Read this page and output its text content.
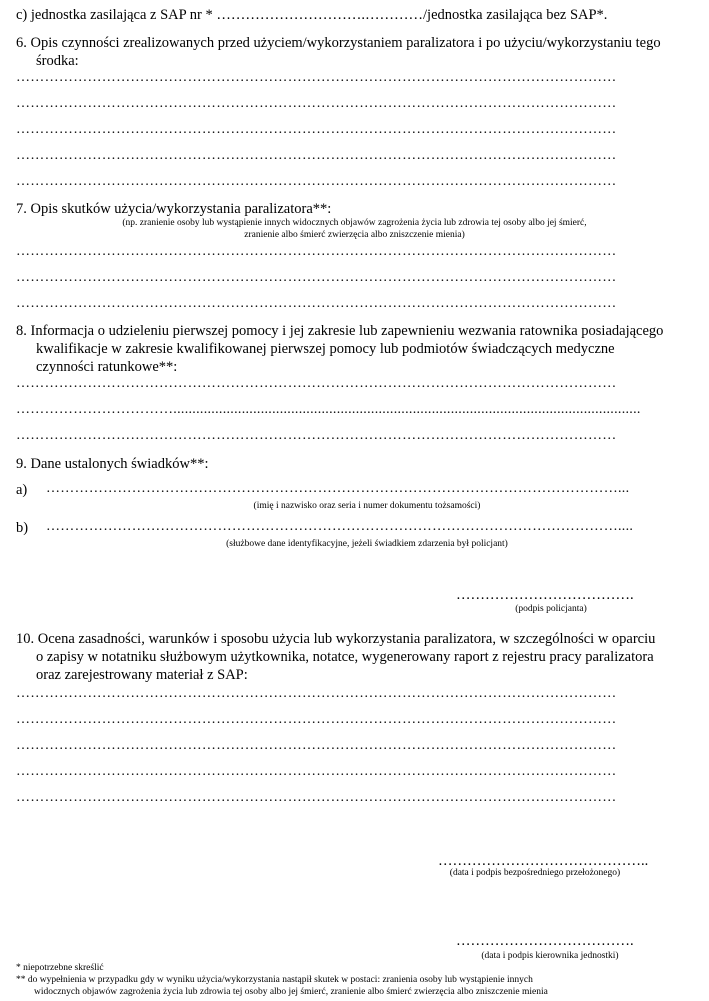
c) jednostka zasilająca z SAP nr * ………………………….…………/jednostka zasilająca bez SAP*.
6. Opis czynności zrealizowanych przed użyciem/wykorzystaniem paralizatora i po użyciu/wykorzystaniu tego
środka:
………………………………………………………………………………………………………………
………………………………………………………………………………………………………………
………………………………………………………………………………………………………………
………………………………………………………………………………………………………………
………………………………………………………………………………………………………………
7. Opis skutków użycia/wykorzystania paralizatora**:
(np. zranienie osoby lub wystąpienie innych widocznych objawów zagrożenia życia lub zdrowia tej osoby albo jej śmierć,
zranienie albo śmierć zwierzęcia albo zniszczenie mienia)
………………………………………………………………………………………………………………
………………………………………………………………………………………………………………
………………………………………………………………………………………………………………
8. Informacja o udzieleniu pierwszej pomocy i jej zakresie lub zapewnieniu wezwania ratownika posiadającego
kwalifikacje w zakresie kwalifikowanej pierwszej pomocy lub podmiotów świadczących medyczne
czynności ratunkowe**:
………………………………………………………………………………………………………………
……………………………...........................................................................................................................
………………………………………………………………………………………………………………
9. Dane ustalonych świadków**:
a) …………………………………………………………………………………………………………...
(imię i nazwisko oraz seria i numer dokumentu tożsamości)
b) …………………………………………………………………………………………………………....
(służbowe dane identyfikacyjne, jeżeli świadkiem zdarzenia był policjant)
……………………………….
(podpis policjanta)
10. Ocena zasadności, warunków i sposobu użycia lub wykorzystania paralizatora, w szczególności w oparciu
o zapisy w notatniku służbowym użytkownika, notatce, wygenerowany raport z rejestru pracy paralizatora
oraz zarejestrowany materiał z SAP:
………………………………………………………………………………………………………………
………………………………………………………………………………………………………………
………………………………………………………………………………………………………………
………………………………………………………………………………………………………………
………………………………………………………………………………………………………………
……………………………………..
(data i podpis bezpośredniego przełożonego)
……………………………….
(data i podpis kierownika jednostki)
* niepotrzebne skreślić
** do wypełnienia w przypadku gdy w wyniku użycia/wykorzystania nastąpił skutek w postaci: zranienia osoby lub wystąpienie innych
widocznych objawów zagrożenia życia lub zdrowia tej osoby albo jej śmierć, zranienie albo śmierć zwierzęcia albo zniszczenie mienia
